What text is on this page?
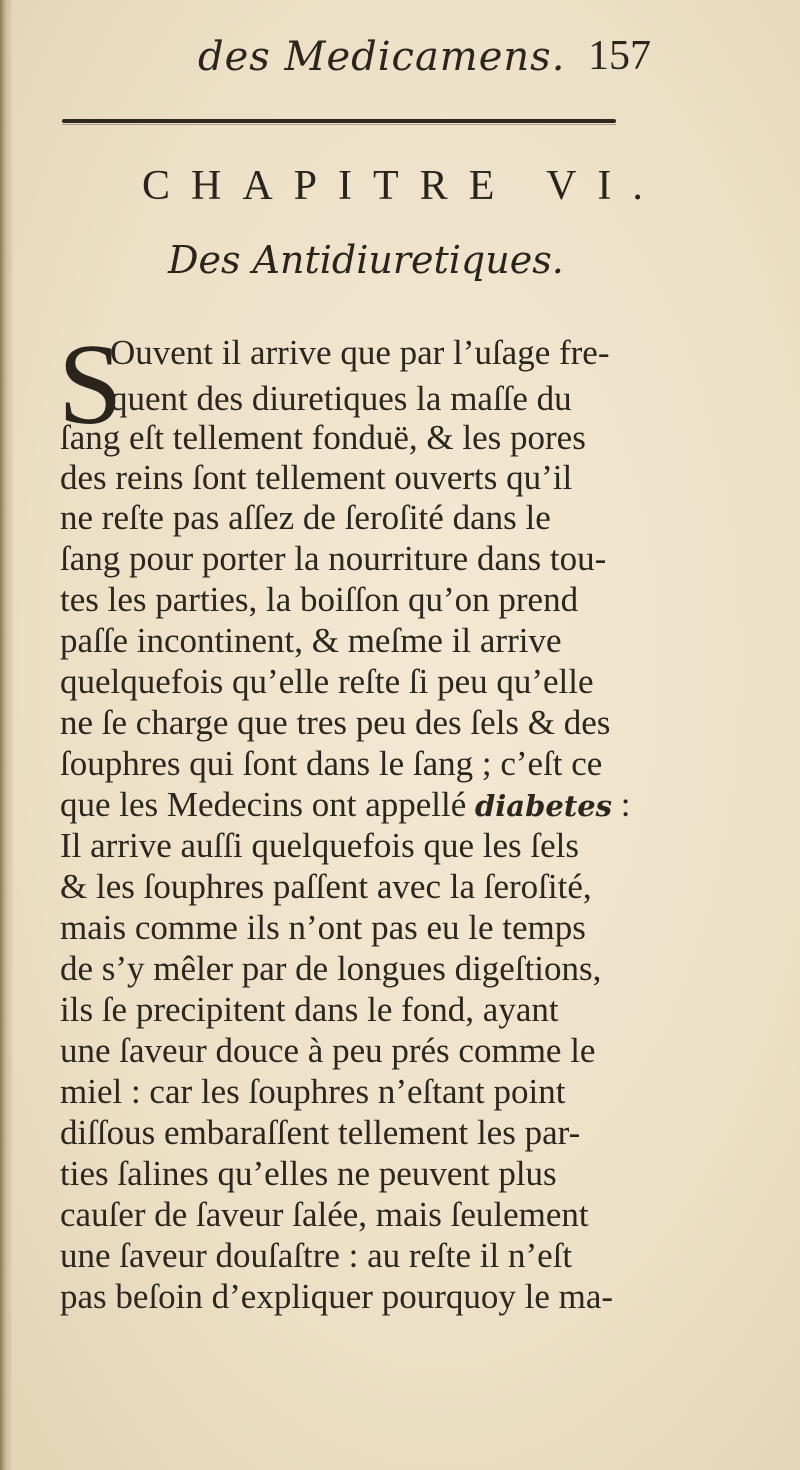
des Medicamens. 157
CHAPITRE VI.
Des Antidiuretiques.
S
Ouvent il arrive que par l’uſage fre-
quent des diuretiques la maſſe du
ſang eſt tellement fonduë, & les pores
des reins ſont tellement ouverts qu’il
ne reſte pas aſſez de ſeroſité dans le
ſang pour porter la nourriture dans tou-
tes les parties, la boiſſon qu’on prend
paſſe incontinent, & meſme il arrive
quelquefois qu’elle reſte ſi peu qu’elle
ne ſe charge que tres peu des ſels & des
ſouphres qui ſont dans le ſang ; c’eſt ce
que les Medecins ont appellé diabetes :
Il arrive auſſi quelquefois que les ſels
& les ſouphres paſſent avec la ſeroſité,
mais comme ils n’ont pas eu le temps
de s’y mêler par de longues digeſtions,
ils ſe precipitent dans le fond, ayant
une ſaveur douce à peu prés comme le
miel : car les ſouphres n’eſtant point
diſſous embaraſſent tellement les par-
ties ſalines qu’elles ne peuvent plus
cauſer de ſaveur ſalée, mais ſeulement
une ſaveur douſaſtre : au reſte il n’eſt
pas beſoin d’expliquer pourquoy le ma-
